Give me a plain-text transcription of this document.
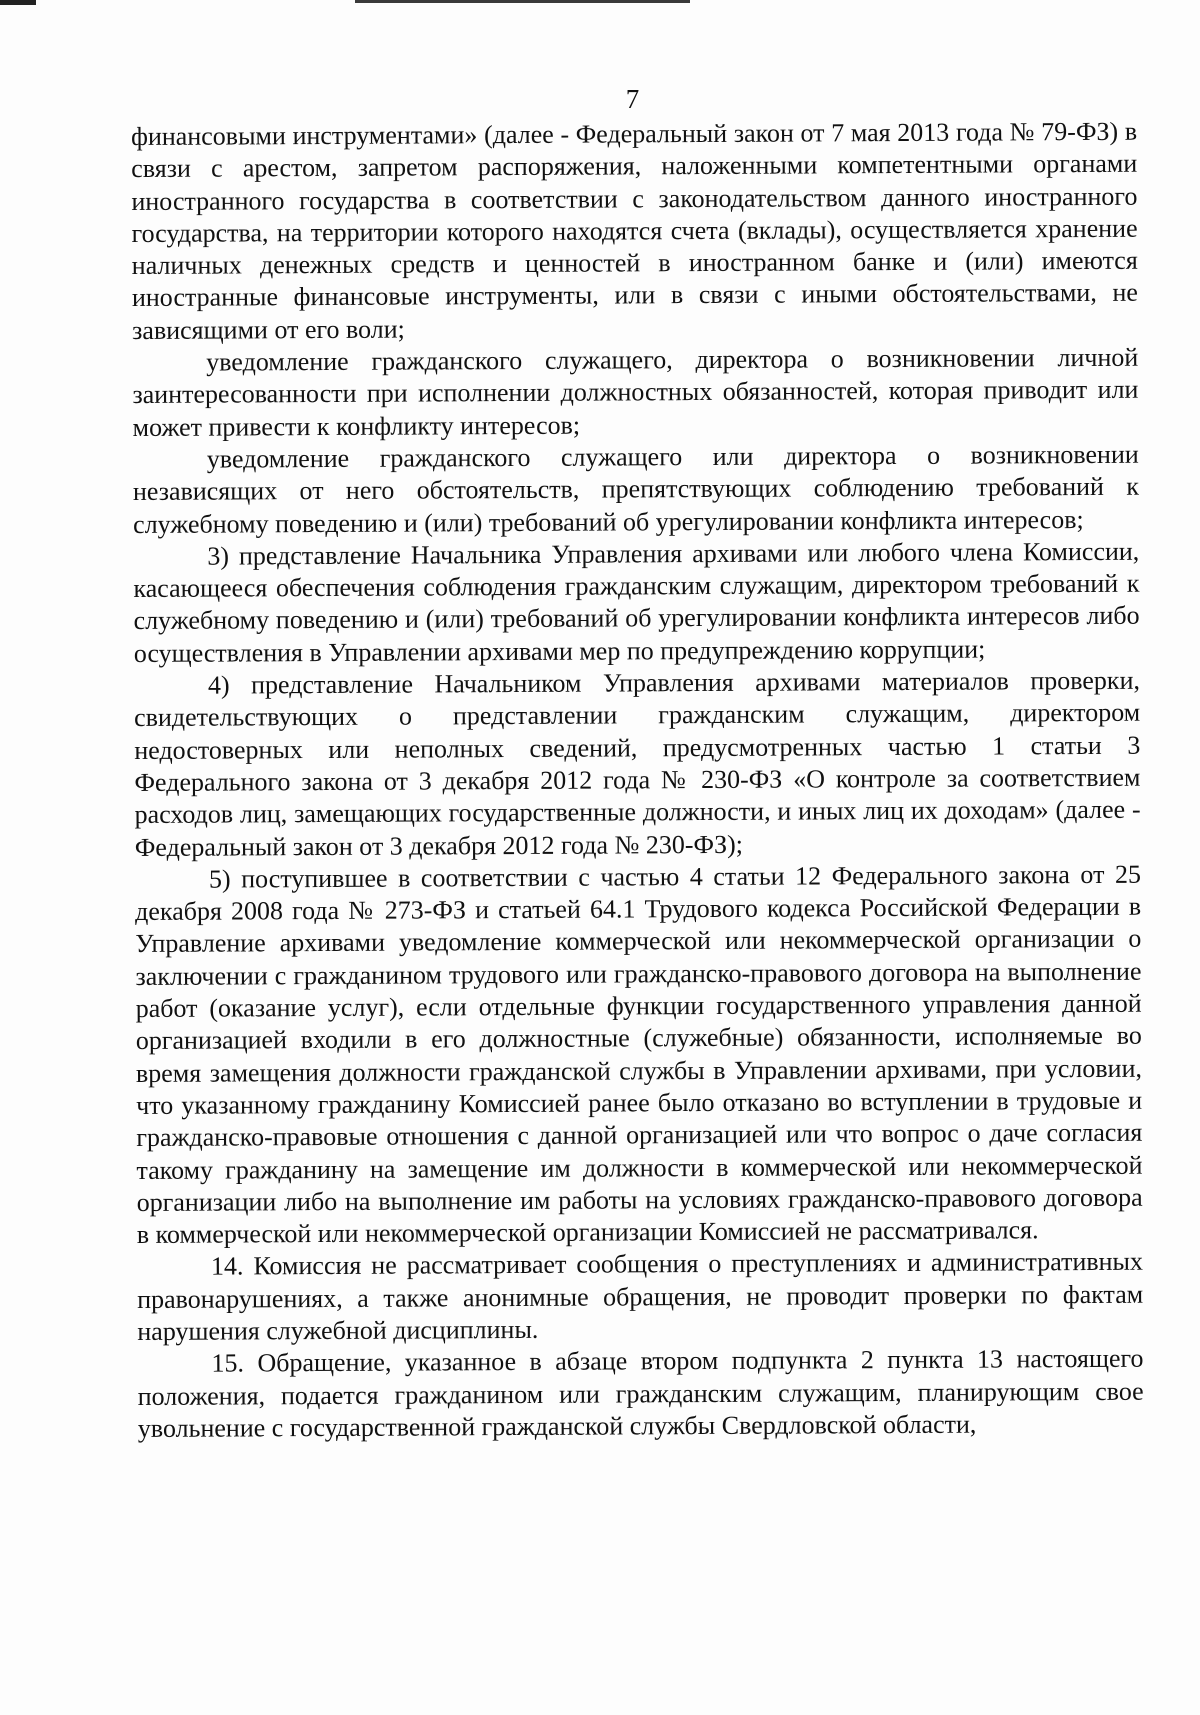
7

финансовыми инструментами» (далее - Федеральный закон от 7 мая 2013 года № 79-ФЗ) в связи с арестом, запретом распоряжения, наложенными компетентными органами иностранного государства в соответствии с законодательством данного иностранного государства, на территории которого находятся счета (вклады), осуществляется хранение наличных денежных средств и ценностей в иностранном банке и (или) имеются иностранные финансовые инструменты, или в связи с иными обстоятельствами, не зависящими от его воли;

уведомление гражданского служащего, директора о возникновении личной заинтересованности при исполнении должностных обязанностей, которая приводит или может привести к конфликту интересов;

уведомление гражданского служащего или директора о возникновении независящих от него обстоятельств, препятствующих соблюдению требований к служебному поведению и (или) требований об урегулировании конфликта интересов;

3) представление Начальника Управления архивами или любого члена Комиссии, касающееся обеспечения соблюдения гражданским служащим, директором требований к служебному поведению и (или) требований об урегулировании конфликта интересов либо осуществления в Управлении архивами мер по предупреждению коррупции;

4) представление Начальником Управления архивами материалов проверки, свидетельствующих о представлении гражданским служащим, директором недостоверных или неполных сведений, предусмотренных частью 1 статьи 3 Федерального закона от 3 декабря 2012 года № 230-ФЗ «О контроле за соответствием расходов лиц, замещающих государственные должности, и иных лиц их доходам» (далее - Федеральный закон от 3 декабря 2012 года № 230-ФЗ);

5) поступившее в соответствии с частью 4 статьи 12 Федерального закона от 25 декабря 2008 года № 273-ФЗ и статьей 64.1 Трудового кодекса Российской Федерации в Управление архивами уведомление коммерческой или некоммерческой организации о заключении с гражданином трудового или гражданско-правового договора на выполнение работ (оказание услуг), если отдельные функции государственного управления данной организацией входили в его должностные (служебные) обязанности, исполняемые во время замещения должности гражданской службы в Управлении архивами, при условии, что указанному гражданину Комиссией ранее было отказано во вступлении в трудовые и гражданско-правовые отношения с данной организацией или что вопрос о даче согласия такому гражданину на замещение им должности в коммерческой или некоммерческой организации либо на выполнение им работы на условиях гражданско-правового договора в коммерческой или некоммерческой организации Комиссией не рассматривался.

14. Комиссия не рассматривает сообщения о преступлениях и административных правонарушениях, а также анонимные обращения, не проводит проверки по фактам нарушения служебной дисциплины.

15. Обращение, указанное в абзаце втором подпункта 2 пункта 13 настоящего положения, подается гражданином или гражданским служащим, планирующим свое увольнение с государственной гражданской службы Свердловской области,
